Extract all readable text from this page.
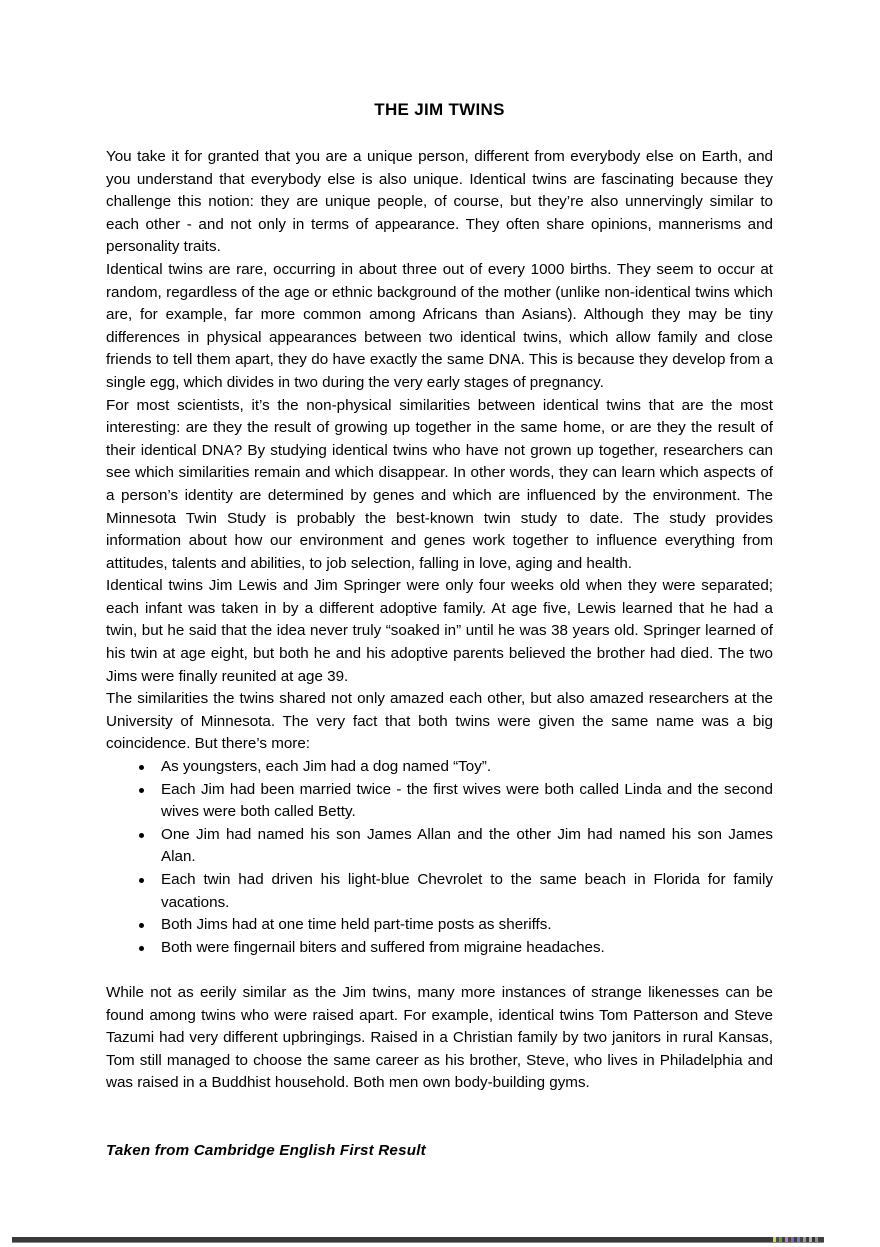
THE JIM TWINS

You take it for granted that you are a unique person, different from everybody else on Earth, and you understand that everybody else is also unique. Identical twins are fascinating because they challenge this notion: they are unique people, of course, but they’re also unnervingly similar to each other - and not only in terms of appearance. They often share opinions, mannerisms and personality traits.

Identical twins are rare, occurring in about three out of every 1000 births. They seem to occur at random, regardless of the age or ethnic background of the mother (unlike non-identical twins which are, for example, far more common among Africans than Asians). Although they may be tiny differences in physical appearances between two identical twins, which allow family and close friends to tell them apart, they do have exactly the same DNA. This is because they develop from a single egg, which divides in two during the very early stages of pregnancy.

For most scientists, it’s the non-physical similarities between identical twins that are the most interesting: are they the result of growing up together in the same home, or are they the result of their identical DNA? By studying identical twins who have not grown up together, researchers can see which similarities remain and which disappear. In other words, they can learn which aspects of a person’s identity are determined by genes and which are influenced by the environment. The Minnesota Twin Study is probably the best-known twin study to date. The study provides information about how our environment and genes work together to influence everything from attitudes, talents and abilities, to job selection, falling in love, aging and health.

Identical twins Jim Lewis and Jim Springer were only four weeks old when they were separated; each infant was taken in by a different adoptive family. At age five, Lewis learned that he had a twin, but he said that the idea never truly “soaked in” until he was 38 years old. Springer learned of his twin at age eight, but both he and his adoptive parents believed the brother had died. The two Jims were finally reunited at age 39.

The similarities the twins shared not only amazed each other, but also amazed researchers at the University of Minnesota. The very fact that both twins were given the same name was a big coincidence. But there’s more:

As youngsters, each Jim had a dog named “Toy”.
Each Jim had been married twice - the first wives were both called Linda and the second wives were both called Betty.
One Jim had named his son James Allan and the other Jim had named his son James Alan.
Each twin had driven his light-blue Chevrolet to the same beach in Florida for family vacations.
Both Jims had at one time held part-time posts as sheriffs.
Both were fingernail biters and suffered from migraine headaches.

While not as eerily similar as the Jim twins, many more instances of strange likenesses can be found among twins who were raised apart. For example, identical twins Tom Patterson and Steve Tazumi had very different upbringings. Raised in a Christian family by two janitors in rural Kansas, Tom still managed to choose the same career as his brother, Steve, who lives in Philadelphia and was raised in a Buddhist household. Both men own body-building gyms.

Taken from Cambridge English First Result
